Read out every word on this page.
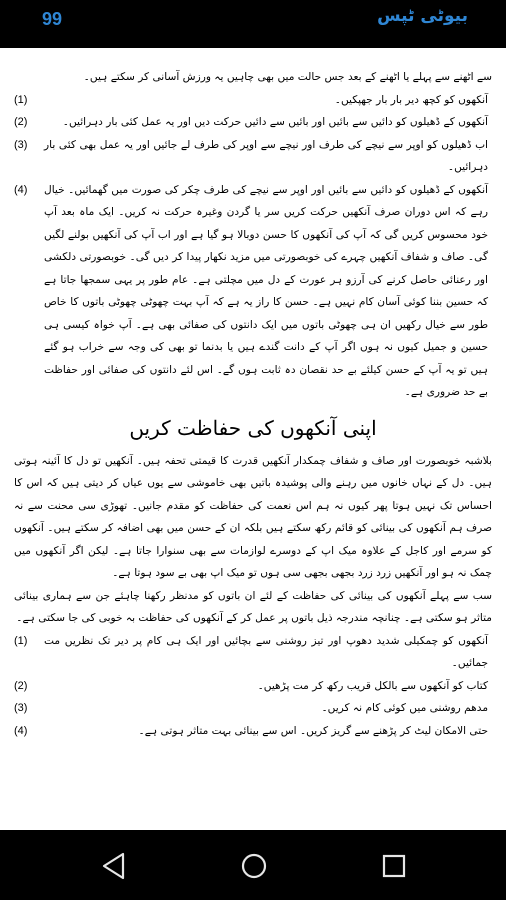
99	بیوٹی ٹپس

سے اٹھنے سے پہلے یا اٹھنے کے بعد جس حالت میں بھی چاہیں یہ ورزش آسانی کر سکتے ہیں۔

آنکھوں کو کچھ دیر بار بار جھپکیں۔
(1)
آنکھوں کے ڈھیلوں کو دائیں سے بائیں اور بائیں سے دائیں حرکت دیں اور یہ عمل کئی بار دہرائیں۔
(2)
اب ڈھیلوں کو اوپر سے نیچے کی طرف اور نیچے سے اوپر کی طرف لے جائیں اور یہ عمل بھی کئی بار دہرائیں۔
(3)
آنکھوں کے ڈھیلوں کو دائیں سے بائیں اور اوپر سے نیچے کی طرف چکر کی صورت میں گھمائیں۔ خیال رہے کہ اس دوران صرف آنکھیں حرکت کریں سر یا گردن وغیرہ حرکت نہ کریں۔ ایک ماہ بعد آپ خود محسوس کریں گی کہ آپ کی آنکھوں کا حسن دوبالا ہو گیا ہے اور اب آپ کی آنکھیں بولنے لگیں گی۔ صاف و شفاف آنکھیں چہرے کی خوبصورتی میں مزید نکھار پیدا کر دیں گی۔ خوبصورتی دلکشی اور رعنائی حاصل کرنے کی آرزو ہر عورت کے دل میں مچلتی ہے۔ عام طور پر یہی سمجھا جاتا ہے کہ حسین بننا کوئی آسان کام نہیں ہے۔ حسن کا راز یہ ہے کہ آپ بہت چھوٹی چھوٹی باتوں کا خاص طور سے خیال رکھیں ان ہی چھوٹی باتوں میں ایک دانتوں کی صفائی بھی ہے۔ آپ خواہ کیسی ہی حسین و جمیل کیوں نہ ہوں اگر آپ کے دانت گندے ہیں یا بدنما تو بھی کی وجہ سے خراب ہو گئے ہیں تو یہ آپ کے حسن کیلئے بے حد نقصان دہ ثابت ہوں گے۔ اس لئے دانتوں کی صفائی اور حفاظت بے حد ضروری ہے۔
(4)
اپنی آنکھوں کی حفاظت کریں

بلاشبہ خوبصورت اور صاف و شفاف چمکدار آنکھیں قدرت کا قیمتی تحفہ ہیں۔ آنکھیں تو دل کا آئینہ ہوتی ہیں۔ دل کے نہاں خانوں میں رہنے والی پوشیدہ باتیں بھی خاموشی سے یوں عیاں کر دیتی ہیں کہ اس کا احساس تک نہیں ہوتا پھر کیوں نہ ہم اس نعمت کی حفاظت کو مقدم جانیں۔ تھوڑی سی محنت سے نہ صرف ہم آنکھوں کی بینائی کو قائم رکھ سکتے ہیں بلکہ ان کے حسن میں بھی اضافہ کر سکتے ہیں۔ آنکھوں کو سرمے اور کاجل کے علاوہ میک اپ کے دوسرے لوازمات سے بھی سنوارا جاتا ہے۔ لیکن اگر آنکھوں میں چمک نہ ہو اور آنکھیں زرد زرد بجھی بجھی سی ہوں تو میک اپ بھی بے سود ہوتا ہے۔

سب سے پہلے آنکھوں کی بینائی کی حفاظت کے لئے ان باتوں کو مدنظر رکھنا چاہئے جن سے ہماری بینائی متاثر ہو سکتی ہے۔ چنانچہ مندرجہ ذیل باتوں پر عمل کر کے آنکھوں کی حفاظت بہ خوبی کی جا سکتی ہے۔

آنکھوں کو چمکیلی شدید دھوپ اور تیز روشنی سے بچائیں اور ایک ہی کام پر دیر تک نظریں مت جمائیں۔
(1)
کتاب کو آنکھوں سے بالکل قریب رکھ کر مت پڑھیں۔
(2)
مدھم روشنی میں کوئی کام نہ کریں۔
(3)
حتی الامکان لیٹ کر پڑھنے سے گریز کریں۔ اس سے بینائی بہت متاثر ہوتی ہے۔
(4)
